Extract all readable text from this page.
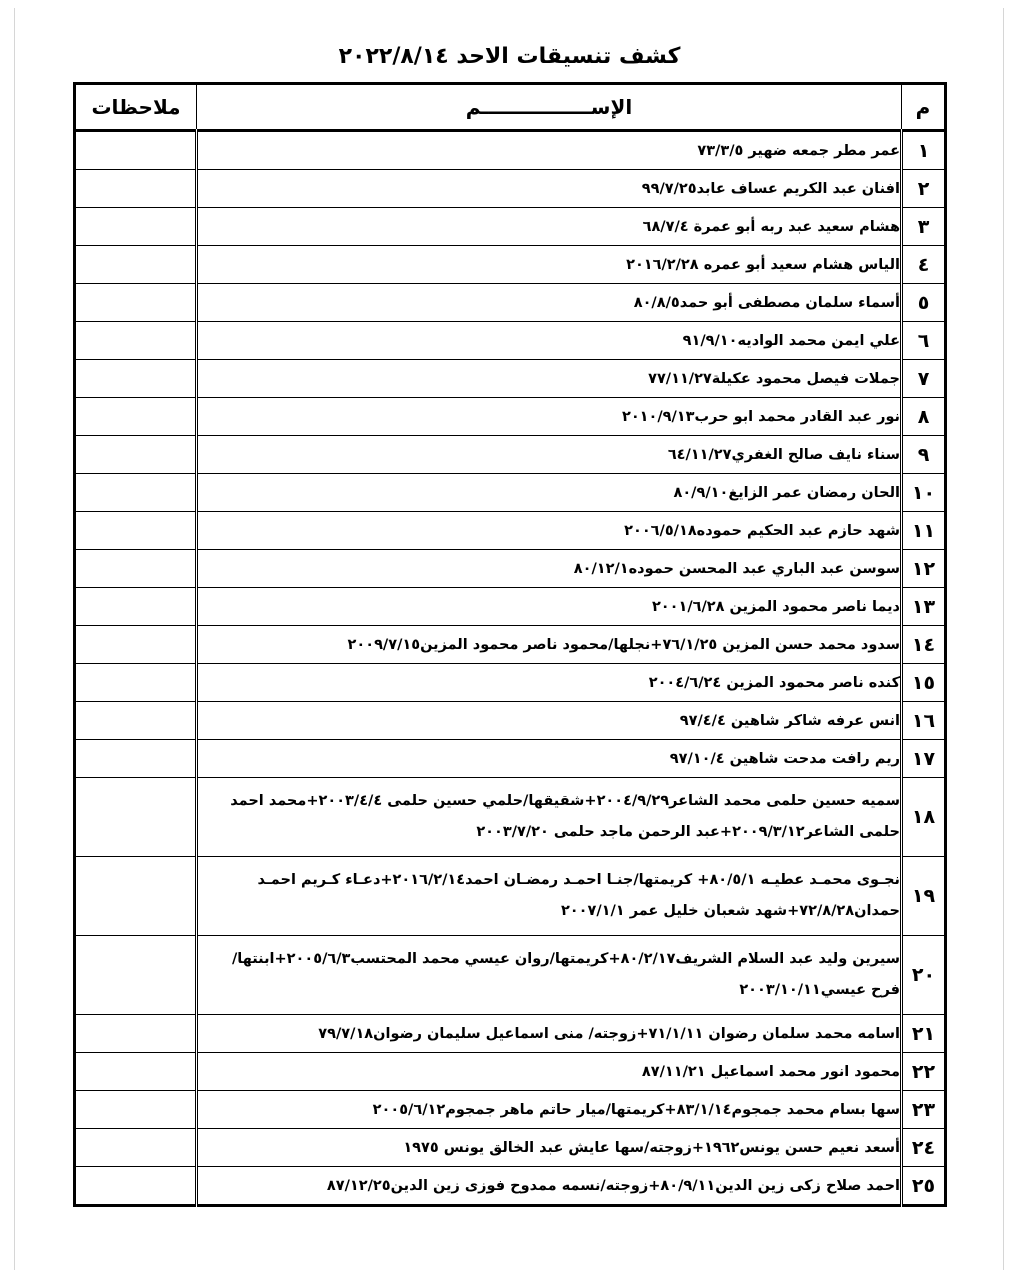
كشف تنسيقات الاحد ٢٠٢٢/٨/١٤
م	الإســــــــــــــــم	ملاحظات
١	عمر مطر جمعه ضهير ٧٣/٣/٥	
٢	افنان عبد الكريم عساف عابد٩٩/٧/٢٥	
٣	هشام سعيد عبد ربه أبو عمرة ٦٨/٧/٤	
٤	الياس هشام سعيد أبو عمره ٢٠١٦/٢/٢٨	
٥	أسماء سلمان مصطفى أبو حمد٨٠/٨/٥	
٦	علي ايمن محمد الواديه٩١/٩/١٠	
٧	جملات فيصل محمود عكيلة٧٧/١١/٢٧	
٨	نور عبد القادر محمد ابو حرب٢٠١٠/٩/١٣	
٩	سناء نايف صالح الغفري٦٤/١١/٢٧	
١٠	الحان رمضان عمر الزايغ٨٠/٩/١٠	
١١	شهد حازم عبد الحكيم حموده٢٠٠٦/٥/١٨	
١٢	سوسن عبد الباري عبد المحسن حموده٨٠/١٢/١	
١٣	ديما ناصر محمود المزين ٢٠٠١/٦/٢٨	
١٤	سدود محمد حسن المزين ٧٦/١/٢٥+نجلها/محمود ناصر محمود المزين٢٠٠٩/٧/١٥	
١٥	كنده ناصر محمود المزين ٢٠٠٤/٦/٢٤	
١٦	انس عرفه شاكر شاهين ٩٧/٤/٤	
١٧	ريم رافت مدحت شاهين ٩٧/١٠/٤	
١٨	سميه حسين حلمى محمد الشاعر٢٠٠٤/٩/٢٩+شقيقها/حلمي حسين حلمى ٢٠٠٣/٤/٤+محمد احمد حلمى الشاعر٢٠٠٩/٣/١٢+عبد الرحمن ماجد حلمى ٢٠٠٣/٧/٢٠	
١٩	نجـوى محمـد عطيـه ٨٠/٥/١+ كريمتها/جنـا احمـد رمضـان احمد٢٠١٦/٢/١٤+دعـاء كـريم احمـد حمدان٧٢/٨/٢٨+شهد شعبان خليل عمر ٢٠٠٧/١/١	
٢٠	سيرين وليد عبد السلام الشريف٨٠/٢/١٧+كريمتها/روان عيسي محمد المحتسب٢٠٠٥/٦/٣+ابنتها/ فرح عيسي٢٠٠٣/١٠/١١	
٢١	اسامه محمد سلمان رضوان ٧١/١/١١+زوجته/ منى اسماعيل سليمان رضوان٧٩/٧/١٨	
٢٢	محمود انور محمد اسماعيل ٨٧/١١/٢١	
٢٣	سها بسام محمد جمجوم٨٣/١/١٤+كريمتها/ميار حاتم ماهر جمجوم٢٠٠٥/٦/١٢	
٢٤	أسعد نعيم حسن يونس١٩٦٢+زوجته/سها عايش عبد الخالق يونس ١٩٧٥	
٢٥	احمد صلاح زكى زين الدين٨٠/٩/١١+زوجته/نسمه ممدوح فوزى زين الدين٨٧/١٢/٢٥	
